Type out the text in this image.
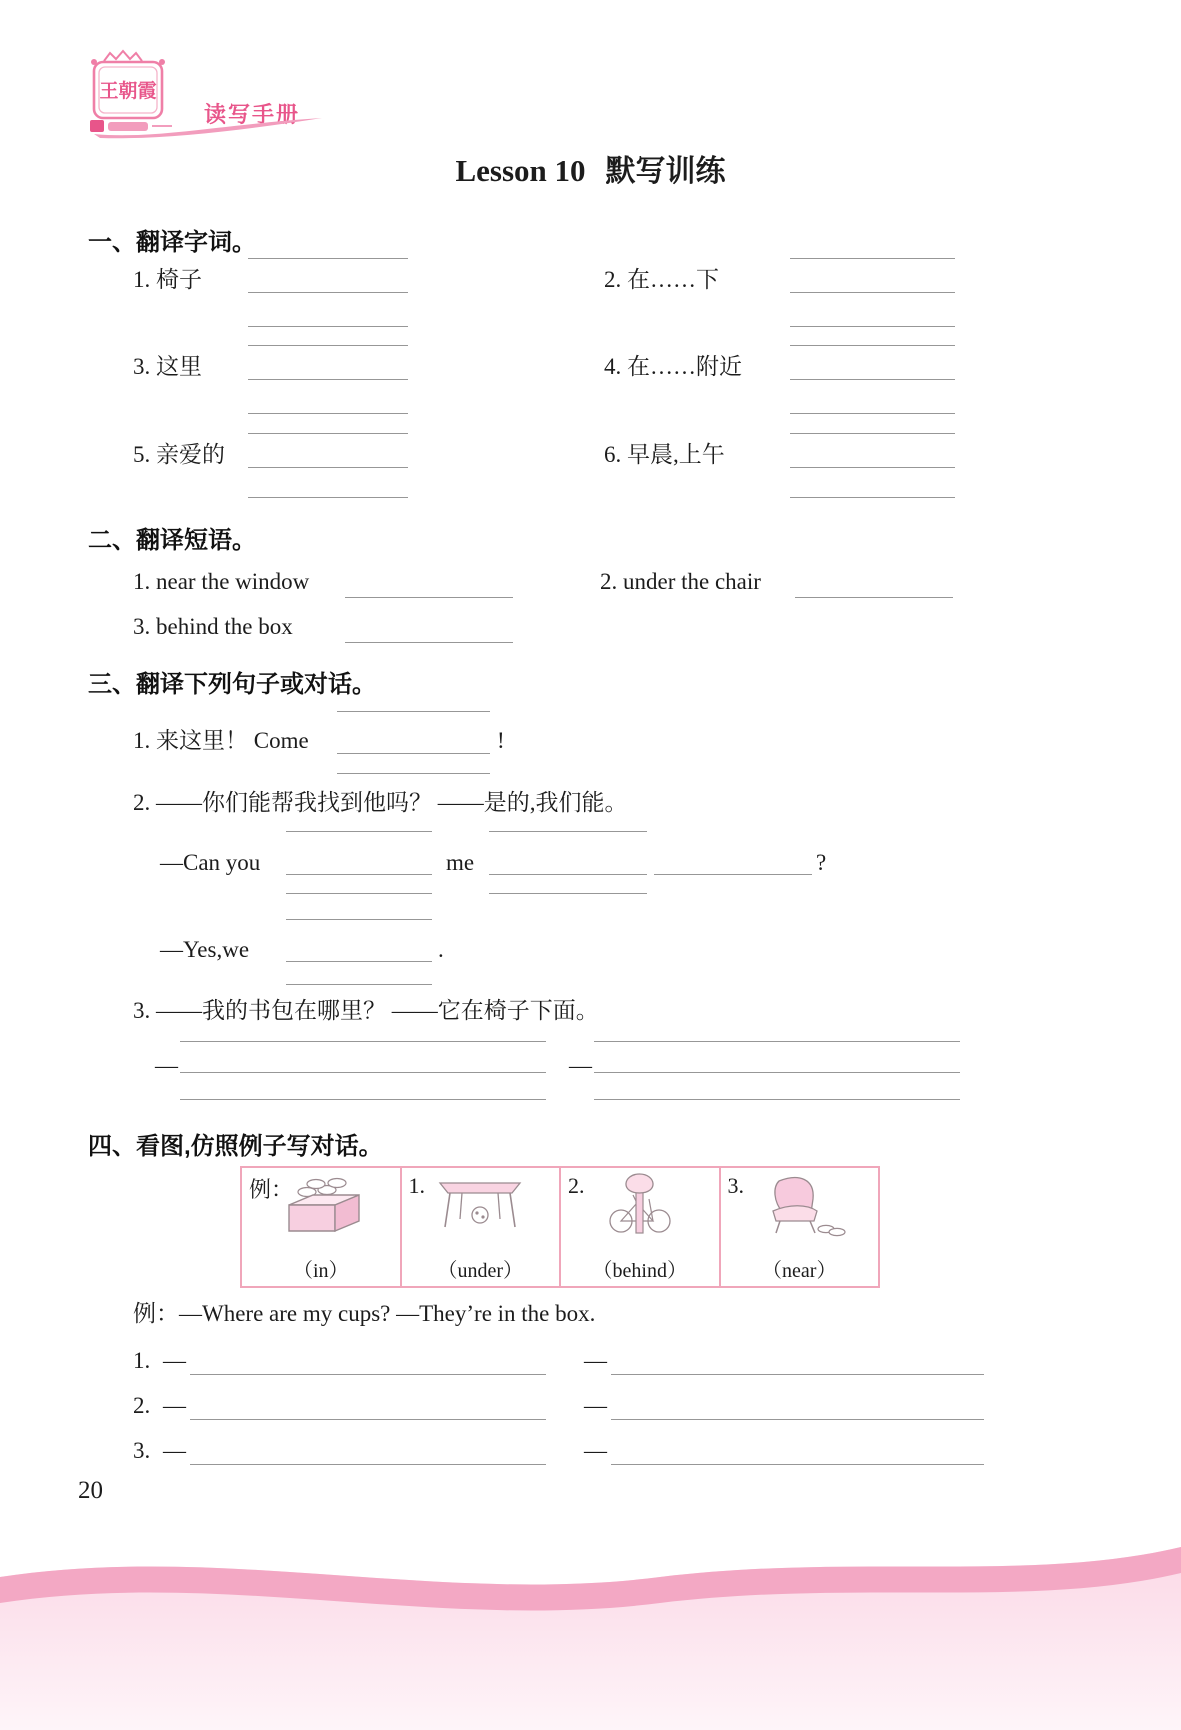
王朝霞
读写手册
Lesson 10 默写训练
一、翻译字词。
1. 椅子	2. 在……下
3. 这里	4. 在……附近
5. 亲爱的	6. 早晨,上午
二、翻译短语。
1. near the window	2. under the chair
3. behind the box
三、翻译下列句子或对话。
1. 来这里！ Come	!
2. ——你们能帮我找到他吗？ ——是的,我们能。
—Can you	me	?
—Yes,we	.
3. ——我的书包在哪里？ ——它在椅子下面。
—	—
四、看图,仿照例子写对话。
例：
（in）
1.
（under）
2.
（behind）
3.
（near）
例：—Where are my cups? —They’re in the box.
1. —	—
2. —	—
3. —	—
20
